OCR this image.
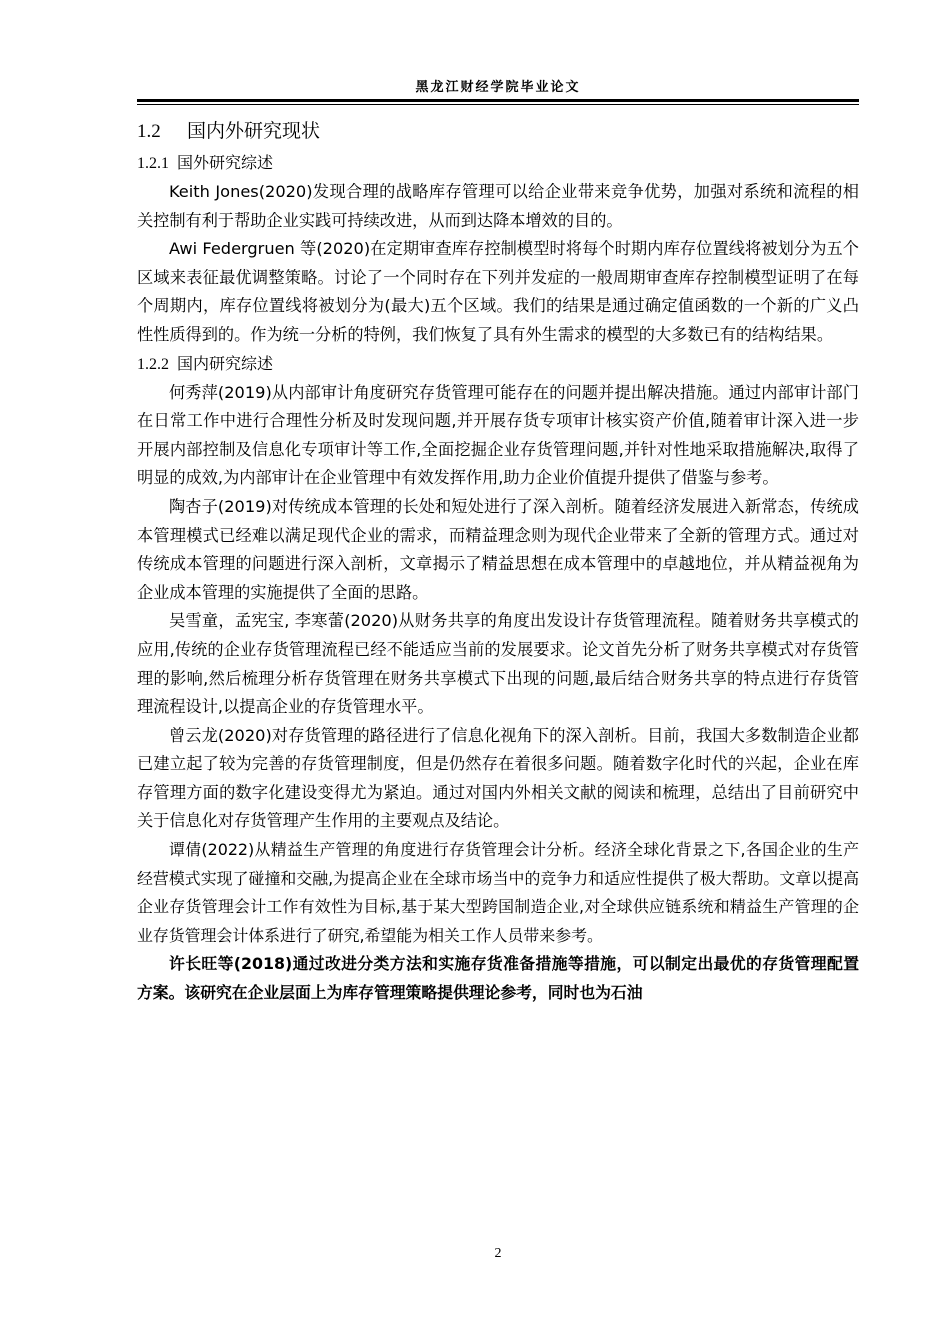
黑龙江财经学院毕业论文
1.2 国内外研究现状
1.2.1 国外研究综述

Keith Jones(2020)发现合理的战略库存管理可以给企业带来竞争优势，加强对系统和流程的相关控制有利于帮助企业实践可持续改进，从而到达降本增效的目的。

Awi Federgruen 等(2020)在定期审查库存控制模型时将每个时期内库存位置线将被划分为五个区域来表征最优调整策略。讨论了一个同时存在下列并发症的一般周期审查库存控制模型证明了在每个周期内，库存位置线将被划分为(最大)五个区域。我们的结果是通过确定值函数的一个新的广义凸性性质得到的。作为统一分析的特例，我们恢复了具有外生需求的模型的大多数已有的结构结果。

1.2.2 国内研究综述

何秀萍(2019)从内部审计角度研究存货管理可能存在的问题并提出解决措施。通过内部审计部门在日常工作中进行合理性分析及时发现问题,并开展存货专项审计核实资产价值,随着审计深入进一步开展内部控制及信息化专项审计等工作,全面挖掘企业存货管理问题,并针对性地采取措施解决,取得了明显的成效,为内部审计在企业管理中有效发挥作用,助力企业价值提升提供了借鉴与参考。

陶杏子(2019)对传统成本管理的长处和短处进行了深入剖析。随着经济发展进入新常态，传统成本管理模式已经难以满足现代企业的需求，而精益理念则为现代企业带来了全新的管理方式。通过对传统成本管理的问题进行深入剖析，文章揭示了精益思想在成本管理中的卓越地位，并从精益视角为企业成本管理的实施提供了全面的思路。

吴雪童，孟宪宝, 李寒蕾(2020)从财务共享的角度出发设计存货管理流程。随着财务共享模式的应用,传统的企业存货管理流程已经不能适应当前的发展要求。论文首先分析了财务共享模式对存货管理的影响,然后梳理分析存货管理在财务共享模式下出现的问题,最后结合财务共享的特点进行存货管理流程设计,以提高企业的存货管理水平。

曾云龙(2020)对存货管理的路径进行了信息化视角下的深入剖析。目前，我国大多数制造企业都已建立起了较为完善的存货管理制度，但是仍然存在着很多问题。随着数字化时代的兴起，企业在库存管理方面的数字化建设变得尤为紧迫。通过对国内外相关文献的阅读和梳理，总结出了目前研究中关于信息化对存货管理产生作用的主要观点及结论。

谭倩(2022)从精益生产管理的角度进行存货管理会计分析。经济全球化背景之下,各国企业的生产经营模式实现了碰撞和交融,为提高企业在全球市场当中的竞争力和适应性提供了极大帮助。文章以提高企业存货管理会计工作有效性为目标,基于某大型跨国制造企业,对全球供应链系统和精益生产管理的企业存货管理会计体系进行了研究,希望能为相关工作人员带来参考。

许长旺等(2018)通过改进分类方法和实施存货准备措施等措施，可以制定出最优的存货管理配置方案。该研究在企业层面上为库存管理策略提供理论参考，同时也为石油

2
